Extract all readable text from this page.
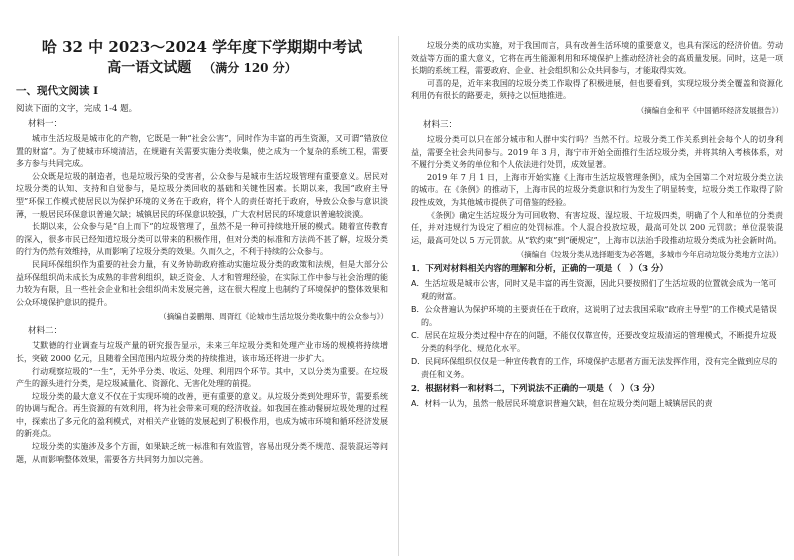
哈 32 中 2023～2024 学年度下学期期中考试
高一语文试题 （满分 120 分）
一、现代文阅读 I
阅读下面的文字，完成 1-4 题。
材料一：

城市生活垃圾是城市化的产物，它既是一种“社会公害”，同时作为丰富的再生资源，又可谓“错放位置的财富”。为了使城市环境清洁，在规避有关需要实施分类收集，使之成为一个复杂的系统工程，需要多方参与共同完成。

公众既是垃圾的制造者，也是垃圾污染的受害者，公众参与是城市生活垃圾管理有重要意义。居民对垃圾分类的认知、支持和自觉参与，是垃圾分类回收的基础和关键性因素。长期以来，我国“政府主导型”环保工作模式使居民以为保护环境的义务在于政府，将个人的责任寄托于政府，导致公众参与意识淡薄，一般居民环保意识普遍欠缺；城镇居民的环保意识较强，广大农村居民的环境意识普遍较淡漠。

长期以来，公众参与是“自上而下”的垃圾管理了，虽然不是一种可持续地开展的模式。随着宣传教育的深入，很多市民已经知道垃圾分类可以带来的积极作用，但对分类的标准和方法尚不甚了解，垃圾分类的行为仍然有效维持，从而影响了垃圾分类的效果。久而久之，不利于持续的公众参与。

民间环保组织作为重要的社会力量，有义务协助政府推动实施垃圾分类的政策和法规，但是大部分公益环保组织尚未成长为成熟的非营利组织，缺乏资金、人才和管理经验，在实际工作中参与社会治理的能力较为有限，且一些社会企业和社会组织尚未发展完善，这在很大程度上也制约了环境保护的整体效果和公众环境保护意识的提升。

（摘编自姜鹏翔、周胥红《论城市生活垃圾分类收集中的公众参与》）
材料二：

艾默德的行业调查与垃圾产量的研究报告显示，未来三年垃圾分类和处理产业市场的规模将持续增长，突破 2000 亿元，且随着全国范围内垃圾分类的持续推进，该市场还将进一步扩大。

行动观察垃圾的“一生”，无外乎分类、收运、处理、利用四个环节。其中，又以分类为重要。在垃圾产生的源头进行分类，是垃圾减量化、资源化、无害化处理的前提。

垃圾分类的最大意义不仅在于实现环境的改善，更有重要的意义。从垃圾分类到处理环节，需要系统的协调与配合。再生资源的有效利用，将为社会带来可观的经济收益。如我国在推动餐厨垃圾处理的过程中，探索出了多元化的盈利模式，对相关产业链的发展起到了积极作用，也成为城市环境和循环经济发展的新亮点。

垃圾分类的实施涉及多个方面，如果缺乏统一标准和有效监管，容易出现分类不规范、混装混运等问题，从而影响整体效果，需要各方共同努力加以完善。

垃圾分类的成功实施，对于我国而言，具有改善生活环境的重要意义，也具有深远的经济价值。劳动效益等方面的重大意义，它将在再生能源利用和环境保护上推动经济社会的高质量发展。同时，这是一项长期的系统工程，需要政府、企业、社会组织和公众共同参与，才能取得实效。

可喜的是，近年来我国的垃圾分类工作取得了积极进展，但也要看到，实现垃圾分类全覆盖和资源化利用仍有很长的路要走，须持之以恒地推进。

（摘编自金和平《中国循环经济发展报告》）
材料三：

垃圾分类可以只在部分城市和人群中实行吗？当然不行。垃圾分类工作关系到社会每个人的切身利益，需要全社会共同参与。2019 年 3 月，海宁市开始全面推行生活垃圾分类，并将其纳入考核体系，对不履行分类义务的单位和个人依法进行处罚，成效显著。

2019 年 7 月 1 日，上海市开始实施《上海市生活垃圾管理条例》，成为全国第二个对垃圾分类立法的城市。在《条例》的推动下，上海市民的垃圾分类意识和行为发生了明显转变，垃圾分类工作取得了阶段性成效，为其他城市提供了可借鉴的经验。

《条例》确定生活垃圾分为可回收物、有害垃圾、湿垃圾、干垃圾四类，明确了个人和单位的分类责任，并对违规行为设定了相应的处罚标准。个人混合投放垃圾，最高可处以 200 元罚款；单位混装混运，最高可处以 5 万元罚款。从“软约束”到“硬规定”，上海市以法治手段推动垃圾分类成为社会新时尚。

（摘编自《垃圾分类从选择题变为必答题，多城市今年启动垃圾分类地方立法》）
1．下列对材料相关内容的理解和分析，正确的一项是（　）（3 分）
A．生活垃圾是城市公害，同时又是丰富的再生资源，因此只要按照们了生活垃圾的位置就会成为一笔可观的财富。
B．公众普遍认为保护环境的主要责任在于政府，这说明了过去我国采取“政府主导型”的工作模式是错误的。
C．居民在垃圾分类过程中存在的问题，不能仅仅靠宣传，还要改变垃圾清运的管理模式，不断提升垃圾分类的科学化、规范化水平。
D．民间环保组织仅仅是一种宣传教育的工作，环境保护志愿者方面无法发挥作用，没有完全做到应尽的责任和义务。
2．根据材料一和材料二，下列说法不正确的一项是（　）（3 分）
A．材料一认为，虽然一般居民环境意识普遍欠缺，但在垃圾分类问题上城镇居民的责
